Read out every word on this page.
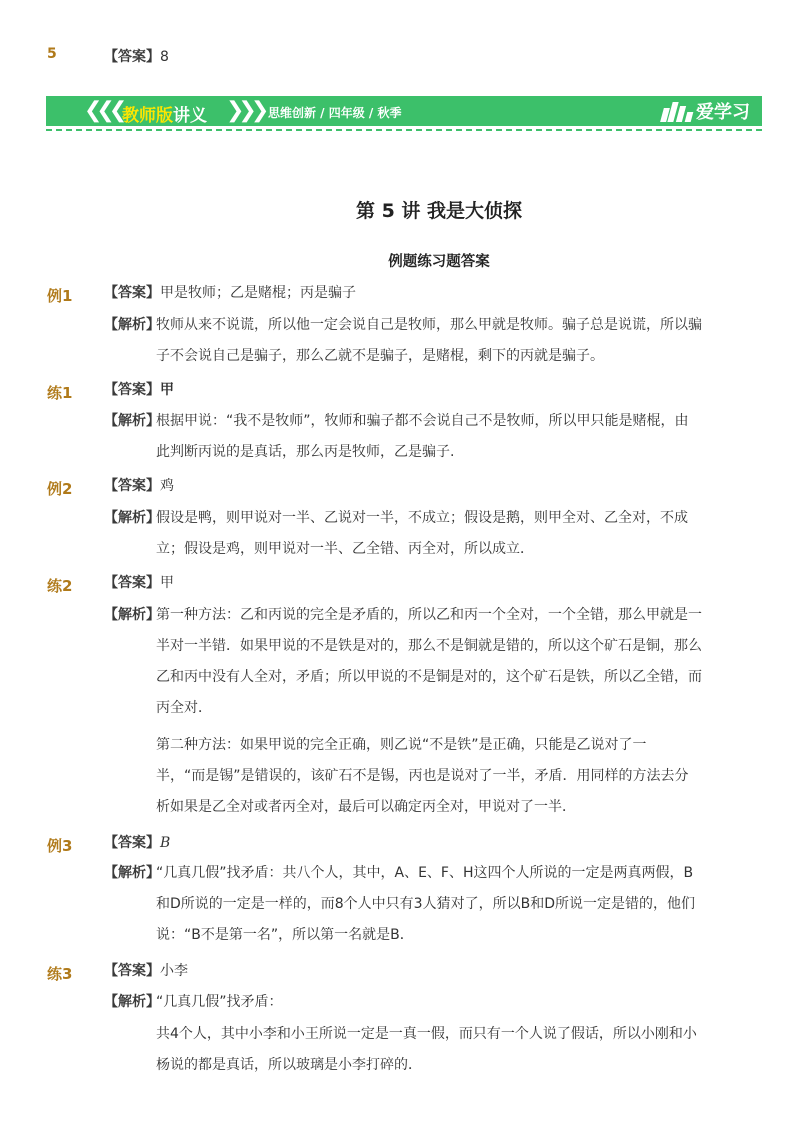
5	【答案】8
❮❮❮ 教师版讲义 ❯❯❯ 思维创新 / 四年级 / 秋季	爱学习
第 5 讲 我是大侦探
例题练习题答案
例1 【答案】甲是牧师；乙是赌棍；丙是骗子
【解析】
牧师从来不说谎，所以他一定会说自己是牧师，那么甲就是牧师。骗子总是说谎，所以骗
子不会说自己是骗子，那么乙就不是骗子，是赌棍，剩下的丙就是骗子。
练1 【答案】甲
【解析】
根据甲说：“我不是牧师”，牧师和骗子都不会说自己不是牧师，所以甲只能是赌棍，由
此判断丙说的是真话，那么丙是牧师，乙是骗子.
例2 【答案】鸡
【解析】
假设是鸭，则甲说对一半、乙说对一半，不成立；假设是鹅，则甲全对、乙全对，不成
立；假设是鸡，则甲说对一半、乙全错、丙全对，所以成立．
练2 【答案】甲
【解析】
第一种方法：乙和丙说的完全是矛盾的，所以乙和丙一个全对，一个全错，那么甲就是一
半对一半错．如果甲说的不是铁是对的，那么不是铜就是错的，所以这个矿石是铜，那么
乙和丙中没有人全对，矛盾；所以甲说的不是铜是对的，这个矿石是铁，所以乙全错，而
丙全对．
第二种方法：如果甲说的完全正确，则乙说“不是铁”是正确，只能是乙说对了一
半，“而是锡”是错误的，该矿石不是锡，丙也是说对了一半，矛盾．用同样的方法去分
析如果是乙全对或者丙全对，最后可以确定丙全对，甲说对了一半．
例3 【答案】B
【解析】
“几真几假”找矛盾：共八个人，其中，A、E、F、H这四个人所说的一定是两真两假，B
和D所说的一定是一样的，而8个人中只有3人猜对了，所以B和D所说一定是错的，他们
说：“B不是第一名”，所以第一名就是B．
练3 【答案】小李
【解析】
“几真几假”找矛盾：
共4个人，其中小李和小王所说一定是一真一假，而只有一个人说了假话，所以小刚和小
杨说的都是真话，所以玻璃是小李打碎的．
